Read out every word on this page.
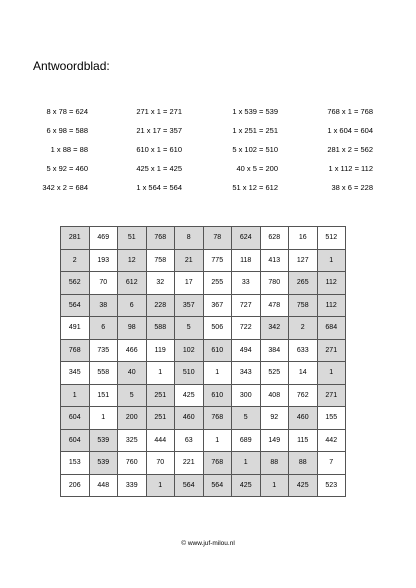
Antwoordblad:
8 x 78 = 624
6 x 98 = 588
1 x 88 = 88
5 x 92 = 460
342 x 2 = 684
271 x 1 = 271
21 x 17 = 357
610 x 1 = 610
425 x 1 = 425
1 x 564 = 564
1 x 539 = 539
1 x 251 = 251
5 x 102 = 510
40 x 5 = 200
51 x 12 = 612
768 x 1 = 768
1 x 604 = 604
281 x 2 = 562
1 x 112 = 112
38 x 6 = 228
281	469	51	768	8	78	624	628	16	512
2	193	12	758	21	775	118	413	127	1
562	70	612	32	17	255	33	780	265	112
564	38	6	228	357	367	727	478	758	112
491	6	98	588	5	506	722	342	2	684
768	735	466	119	102	610	494	384	633	271
345	558	40	1	510	1	343	525	14	1
1	151	5	251	425	610	300	408	762	271
604	1	200	251	460	768	5	92	460	155
604	539	325	444	63	1	689	149	115	442
153	539	760	70	221	768	1	88	88	7
206	448	339	1	564	564	425	1	425	523
© www.juf-milou.nl
